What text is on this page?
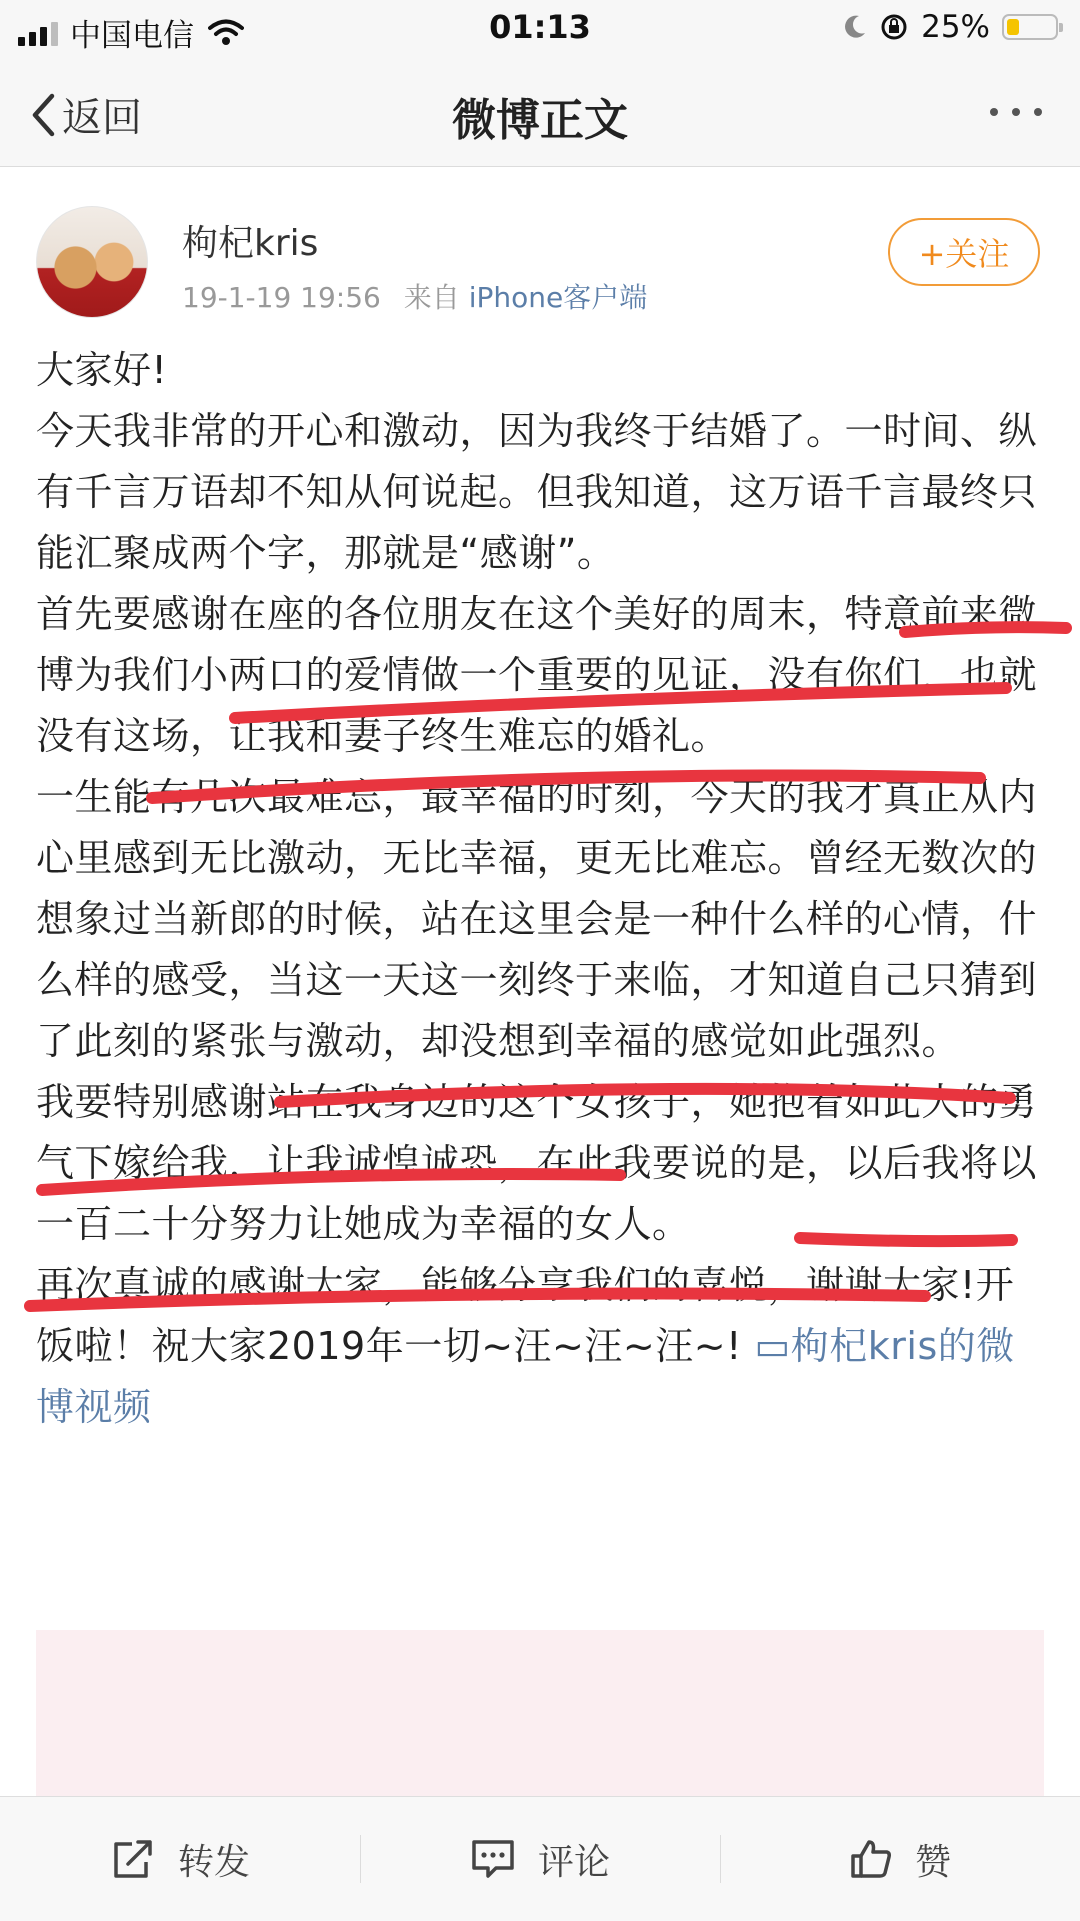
中国电信	01:13	25%
返回	微博正文
枸杞kris
19-1-19 19:56 来自 iPhone客户端
+关注

大家好!

今天我非常的开心和激动，因为我终于结婚了。一时间、纵有千言万语却不知从何说起。但我知道，这万语千言最终只能汇聚成两个字，那就是“感谢”。

首先要感谢在座的各位朋友在这个美好的周末，特意前来微博为我们小两口的爱情做一个重要的见证，没有你们，也就没有这场，让我和妻子终生难忘的婚礼。

一生能有几次最难忘，最幸福的时刻，今天的我才真正从内心里感到无比激动，无比幸福，更无比难忘。曾经无数次的想象过当新郎的时候，站在这里会是一种什么样的心情，什么样的感受，当这一天这一刻终于来临，才知道自己只猜到了此刻的紧张与激动，却没想到幸福的感觉如此强烈。

我要特别感谢站在我身边的这个女孩子，她抱着如此大的勇气下嫁给我，让我诚惶诚恐，在此我要说的是，以后我将以一百二十分努力让她成为幸福的女人。

再次真诚的感谢大家，能够分享我们的喜悦，谢谢大家!开饭啦！祝大家2019年一切~汪~汪~汪~! ▭枸杞kris的微博视频

转发	评论	赞
